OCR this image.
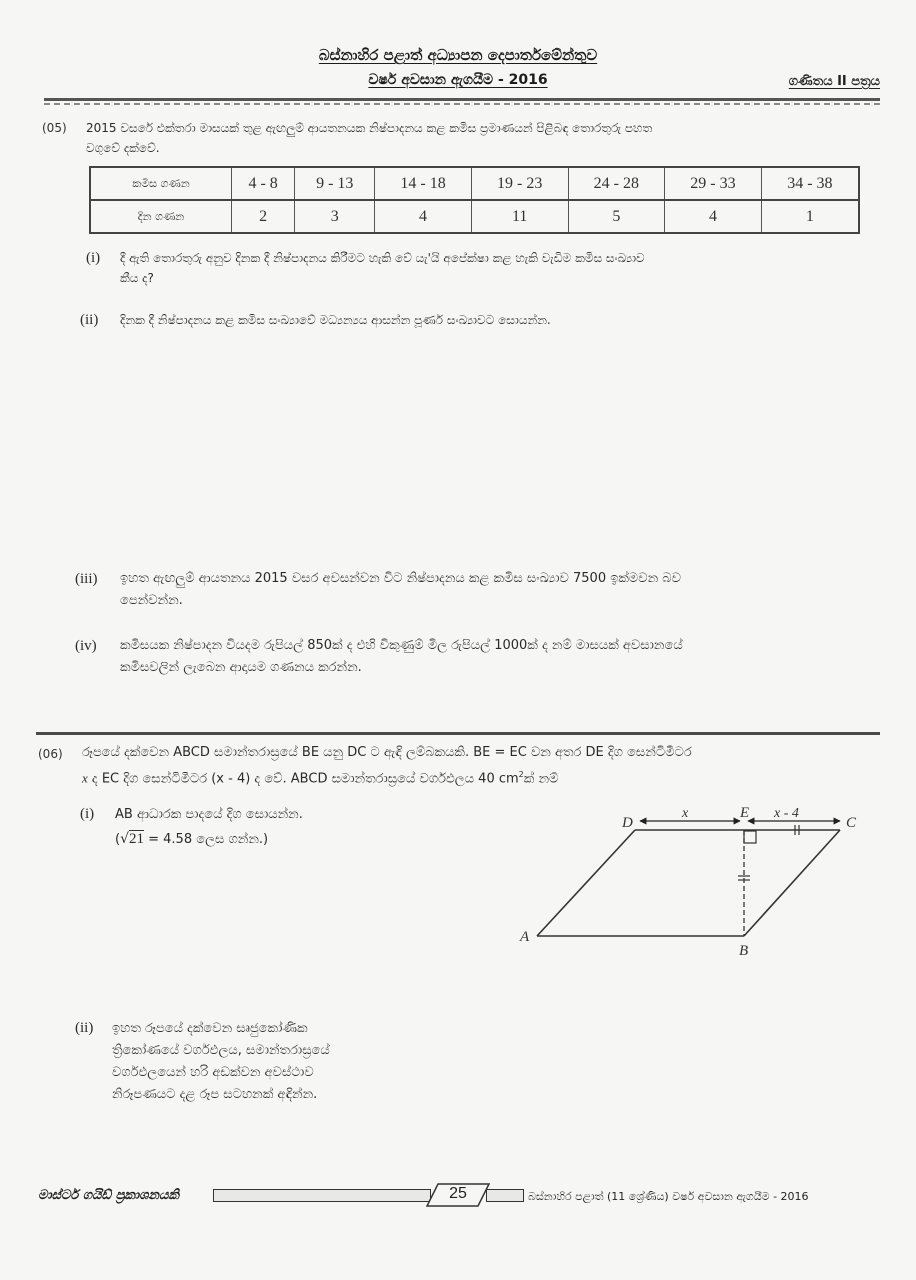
බස්නාහිර පළාත් අධ්‍යාපන දෙපාර්තමේන්තුව
වර්ෂ අවසාන ඇගයීම - 2016	ගණිතය II පත්‍රය
(05) 2015 වසරේ එක්තරා මාසයක් තුළ ඇඟලුම් ආයතනයක නිෂ්පාදනය කළ කමිස ප්‍රමාණයන් පිළිබඳ තොරතුරු පහත
වගුවේ දක්වේ.
කමිස ගණන	4 - 8	9 - 13	14 - 18	19 - 23	24 - 28	29 - 33	34 - 38
දින ගණන	2	3	4	11	5	4	1
(i) දී ඇති තොරතුරු අනුව දිනක දී නිෂ්පාදනය කිරීමට හැකි වේ යැ'යි අපේක්ෂා කළ හැකි වැඩිම කමිස සංඛ්‍යාව
කීය ද?
(ii) දිනක දී නිෂ්පාදනය කළ කමිස සංඛ්‍යාවේ මධ්‍යන්‍යය ආසන්න පූර්ණ සංඛ්‍යාවට සොයන්න.
(iii) ඉහත ඇඟලුම් ආයතනය 2015 වසර අවසන්වන විට නිෂ්පාදනය කළ කමිස සංඛ්‍යාව 7500 ඉක්මවන බව
පෙන්වන්න.
(iv) කමිසයක නිෂ්පාදන වියදම රුපියල් 850ක් ද එහි විකුණුම් මිල රුපියල් 1000ක් ද නම් මාසයක් අවසානයේ
කමිසවලින් ලැබෙන ආදායම ගණනය කරන්න.
(06) රූපයේ දක්වෙන ABCD සමාන්තරාස්‍රයේ BE යනු DC ට ඇඳි ලම්බකයකි. BE = EC වන අතර DE දිග සෙන්ටිමීටර
x ද EC දිග සෙන්ටිමීටර (x - 4) ද වේ. ABCD සමාන්තරාස්‍රයේ වර්ගඵලය 40 $cm^2ක්$ නම්
(i) AB ආධාරක පාදයේ දිග සොයන්න.
(√21 = 4.58 ලෙස ගන්න.)
D
E
C
A
B
x	x - 4
(ii) ඉහත රූපයේ දක්වෙන සෘජුකෝණික
ත්‍රිකෝණයේ වර්ගඵලය, සමාන්තරාස්‍රයේ
වර්ගඵලයෙන් හරි අඩක්වන අවස්ථාව
නිරූපණයට දළ රූප සටහනක් අඳින්න.
මාස්ටර් ගයිඩ් ප්‍රකාශනයකි	25	බස්නාහිර පළාත් (11 ශ්‍රේණිය) වර්ෂ අවසාන ඇගයීම - 2016
